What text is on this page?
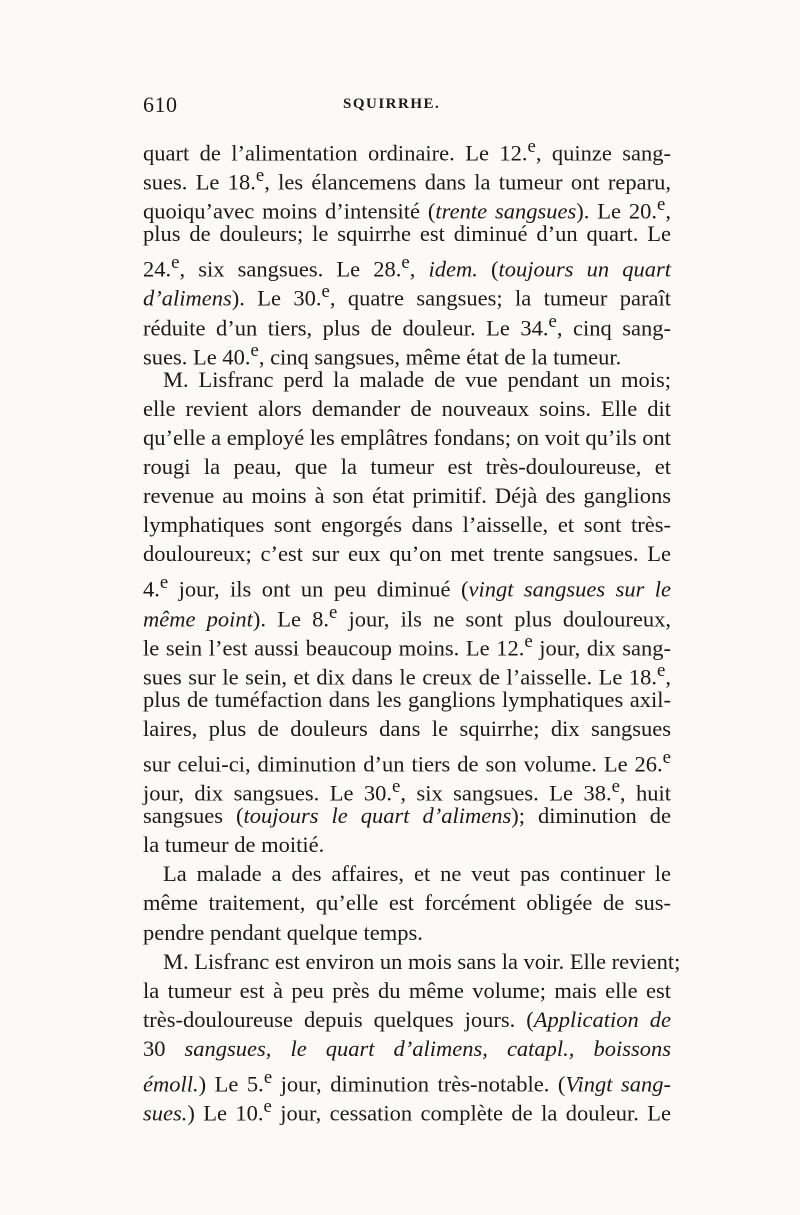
610	SQUIRRHE.
quart de l’alimentation ordinaire. Le 12.$^e$, quinze sang-
sues. Le 18.$^e$, les élancemens dans la tumeur ont reparu,
quoiqu’avec moins d’intensité (trente sangsues). Le 20.$^e$,
plus de douleurs; le squirrhe est diminué d’un quart. Le
24.$^e$, six sangsues. Le 28.$^e$, idem. (toujours un quart
d’alimens). Le 30.$^e$, quatre sangsues; la tumeur paraît
réduite d’un tiers, plus de douleur. Le 34.$^e$, cinq sang-
sues. Le 40.$^e$, cinq sangsues, même état de la tumeur.
M. Lisfranc perd la malade de vue pendant un mois;
elle revient alors demander de nouveaux soins. Elle dit
qu’elle a employé les emplâtres fondans; on voit qu’ils ont
rougi la peau, que la tumeur est très-douloureuse, et
revenue au moins à son état primitif. Déjà des ganglions
lymphatiques sont engorgés dans l’aisselle, et sont très-
douloureux; c’est sur eux qu’on met trente sangsues. Le
4.$^e$ jour, ils ont un peu diminué (vingt sangsues sur le
même point). Le 8.$^e$ jour, ils ne sont plus douloureux,
le sein l’est aussi beaucoup moins. Le 12.$^e$ jour, dix sang-
sues sur le sein, et dix dans le creux de l’aisselle. Le 18.$^e$,
plus de tuméfaction dans les ganglions lymphatiques axil-
laires, plus de douleurs dans le squirrhe; dix sangsues
sur celui-ci, diminution d’un tiers de son volume. Le 26.$^e$
jour, dix sangsues. Le 30.$^e$, six sangsues. Le 38.$^e$, huit
sangsues (toujours le quart d’alimens); diminution de
la tumeur de moitié.
La malade a des affaires, et ne veut pas continuer le
même traitement, qu’elle est forcément obligée de sus-
pendre pendant quelque temps.
M. Lisfranc est environ un mois sans la voir. Elle revient;
la tumeur est à peu près du même volume; mais elle est
très-douloureuse depuis quelques jours. (Application de
30 sangsues, le quart d’alimens, catapl., boissons
émoll.) Le 5.$^e$ jour, diminution très-notable. (Vingt sang-
sues.) Le 10.$^e$ jour, cessation complète de la douleur. Le
